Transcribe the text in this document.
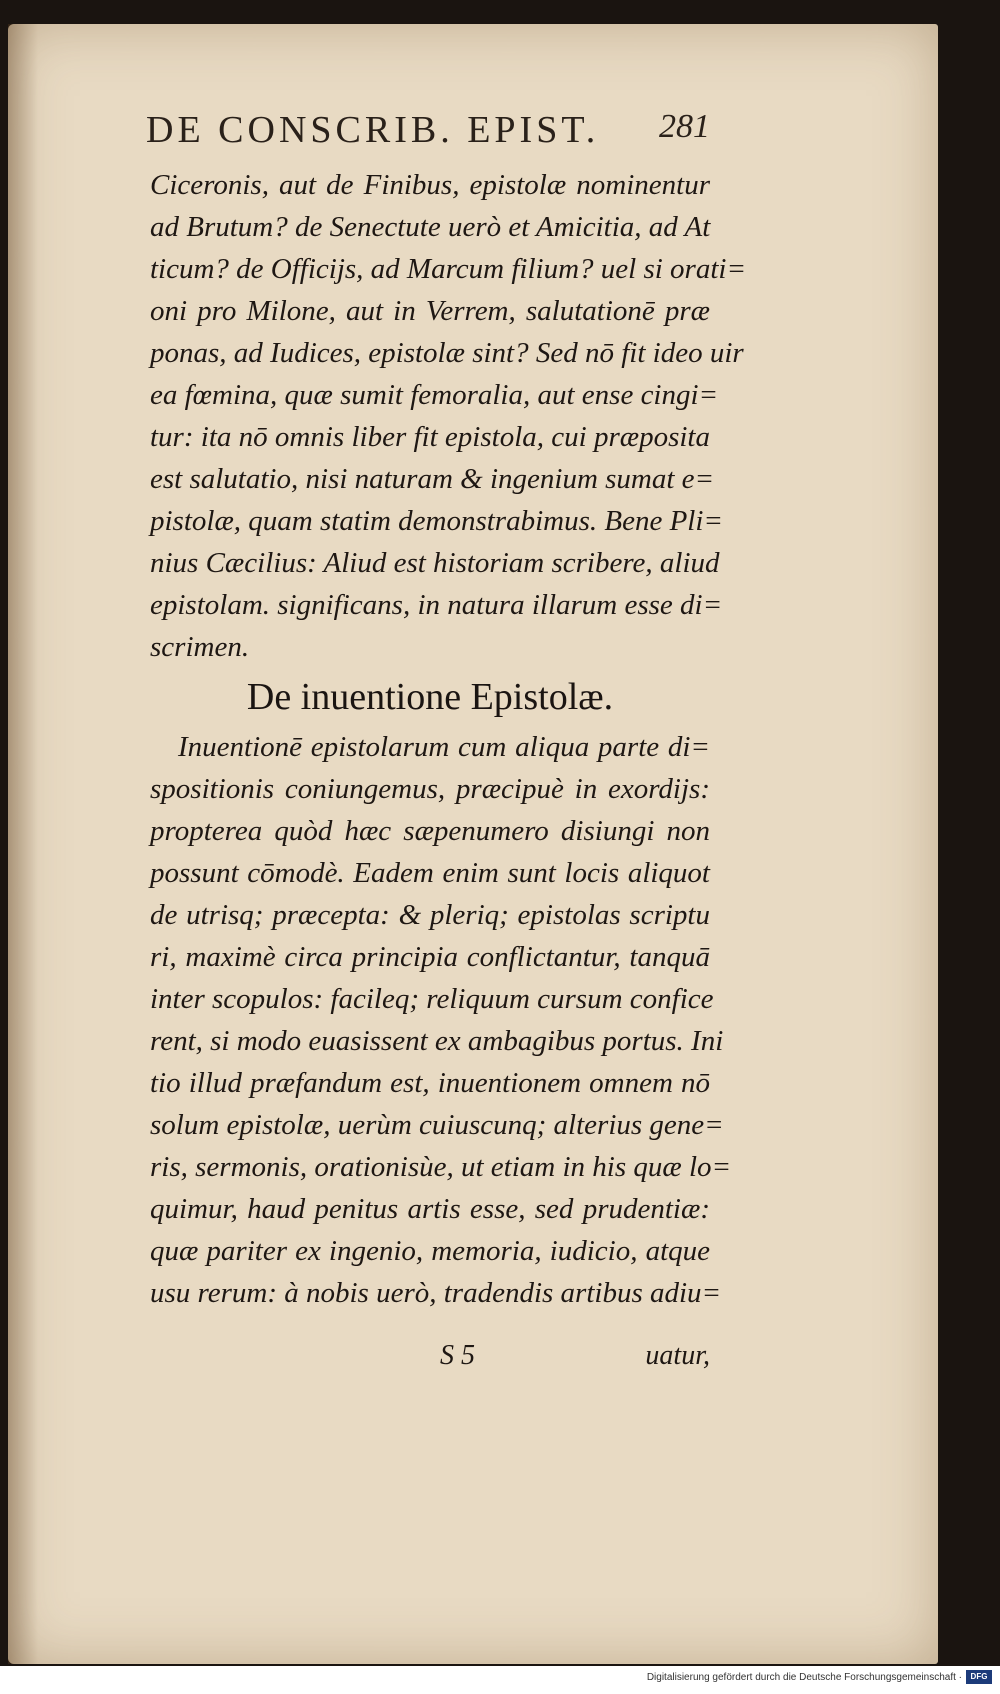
DE CONSCRIB. EPIST. 281
Ciceronis, aut de Finibus, epistolæ nominentur
ad Brutum? de Senectute uerò et Amicitia, ad At
ticum? de Officijs, ad Marcum filium? uel si orati=
oni pro Milone, aut in Verrem, salutationē præ
ponas, ad Iudices, epistolæ sint? Sed nō fit ideo uir
ea fœmina, quæ sumit femoralia, aut ense cingi=
tur: ita nō omnis liber fit epistola, cui præposita
est salutatio, nisi naturam & ingenium sumat e=
pistolæ, quam statim demonstrabimus. Bene Pli=
nius Cæcilius: Aliud est historiam scribere, aliud
epistolam. significans, in natura illarum esse di=
scrimen.
De inuentione Epistolæ.
Inuentionē epistolarum cum aliqua parte di=
spositionis coniungemus, præcipuè in exordijs:
propterea quòd hæc sæpenumero disiungi non
possunt cōmodè. Eadem enim sunt locis aliquot
de utrisq; præcepta: & pleriq; epistolas scriptu
ri, maximè circa principia conflictantur, tanquā
inter scopulos: facileq; reliquum cursum confice
rent, si modo euasissent ex ambagibus portus. Ini
tio illud præfandum est, inuentionem omnem nō
solum epistolæ, uerùm cuiuscunq; alterius gene=
ris, sermonis, orationisùe, ut etiam in his quæ lo=
quimur, haud penitus artis esse, sed prudentiæ:
quæ pariter ex ingenio, memoria, iudicio, atque
usu rerum: à nobis uerò, tradendis artibus adiu=
S 5	uatur,
Digitalisierung gefördert durch die Deutsche Forschungsgemeinschaft ·	DFG
